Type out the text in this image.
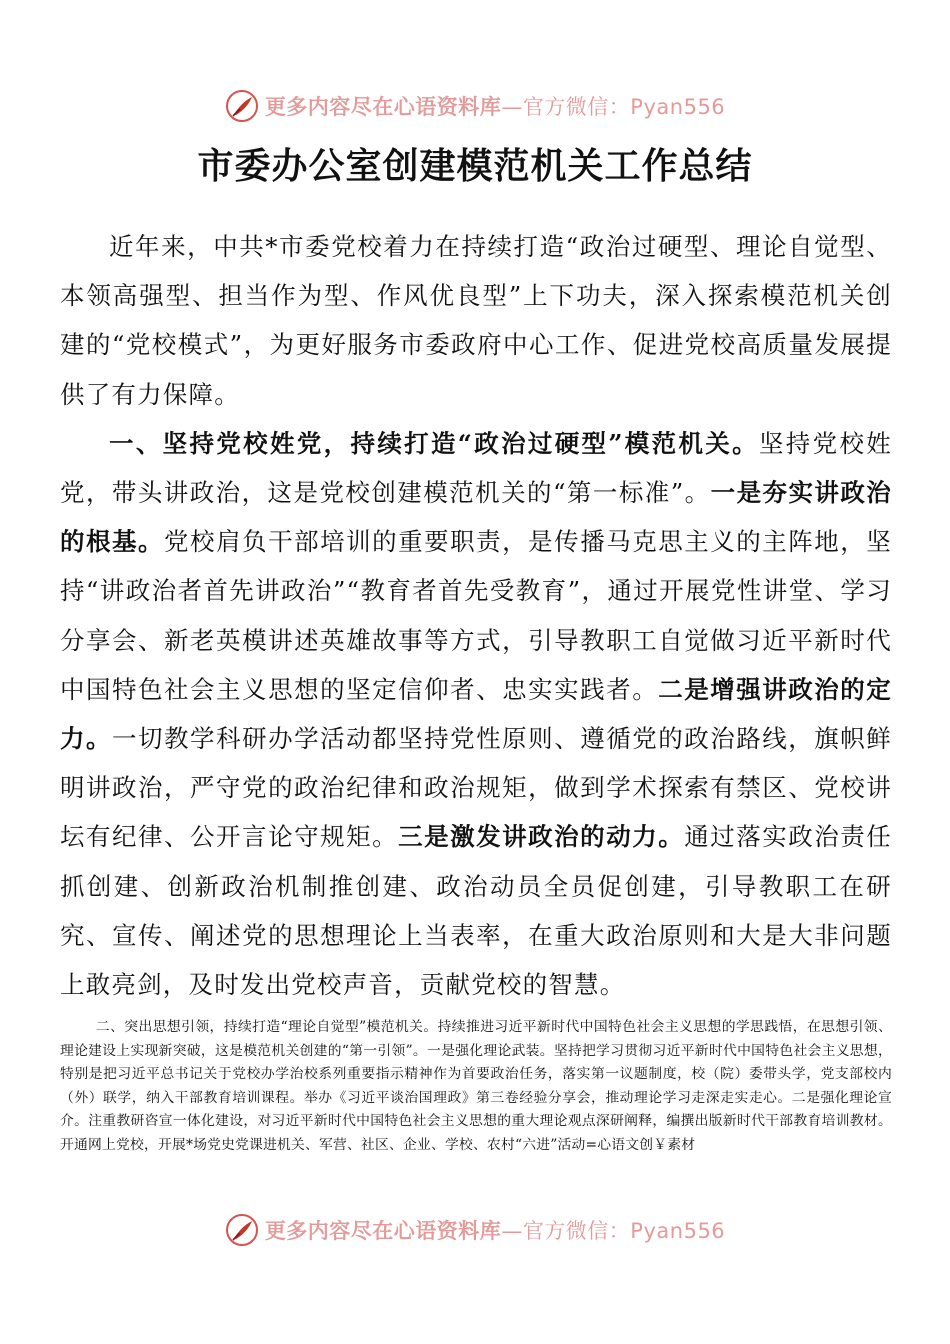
更多内容尽在心语资料库—官方微信：Pyan556
市委办公室创建模范机关工作总结

近年来，中共*市委党校着力在持续打造“政治过硬型、理论自觉型、本领高强型、担当作为型、作风优良型”上下功夫，深入探索模范机关创建的“党校模式”，为更好服务市委政府中心工作、促进党校高质量发展提供了有力保障。

一、坚持党校姓党，持续打造“政治过硬型”模范机关。坚持党校姓党，带头讲政治，这是党校创建模范机关的“第一标准”。一是夯实讲政治的根基。党校肩负干部培训的重要职责，是传播马克思主义的主阵地，坚持“讲政治者首先讲政治”“教育者首先受教育”，通过开展党性讲堂、学习分享会、新老英模讲述英雄故事等方式，引导教职工自觉做习近平新时代中国特色社会主义思想的坚定信仰者、忠实实践者。二是增强讲政治的定力。一切教学科研办学活动都坚持党性原则、遵循党的政治路线，旗帜鲜明讲政治，严守党的政治纪律和政治规矩，做到学术探索有禁区、党校讲坛有纪律、公开言论守规矩。三是激发讲政治的动力。通过落实政治责任抓创建、创新政治机制推创建、政治动员全员促创建，引导教职工在研究、宣传、阐述党的思想理论上当表率，在重大政治原则和大是大非问题上敢亮剑，及时发出党校声音，贡献党校的智慧。

二、突出思想引领，持续打造“理论自觉型”模范机关。持续推进习近平新时代中国特色社会主义思想的学思践悟，在思想引领、理论建设上实现新突破，这是模范机关创建的“第一引领”。一是强化理论武装。坚持把学习贯彻习近平新时代中国特色社会主义思想，特别是把习近平总书记关于党校办学治校系列重要指示精神作为首要政治任务，落实第一议题制度，校（院）委带头学，党支部校内（外）联学，纳入干部教育培训课程。举办《习近平谈治国理政》第三卷经验分享会，推动理论学习走深走实走心。二是强化理论宣介。注重教研咨宣一体化建设，对习近平新时代中国特色社会主义思想的重大理论观点深研阐释，编撰出版新时代干部教育培训教材。开通网上党校，开展*场党史党课进机关、军营、社区、企业、学校、农村“六进”活动=心语文创￥素材

更多内容尽在心语资料库—官方微信：Pyan556
